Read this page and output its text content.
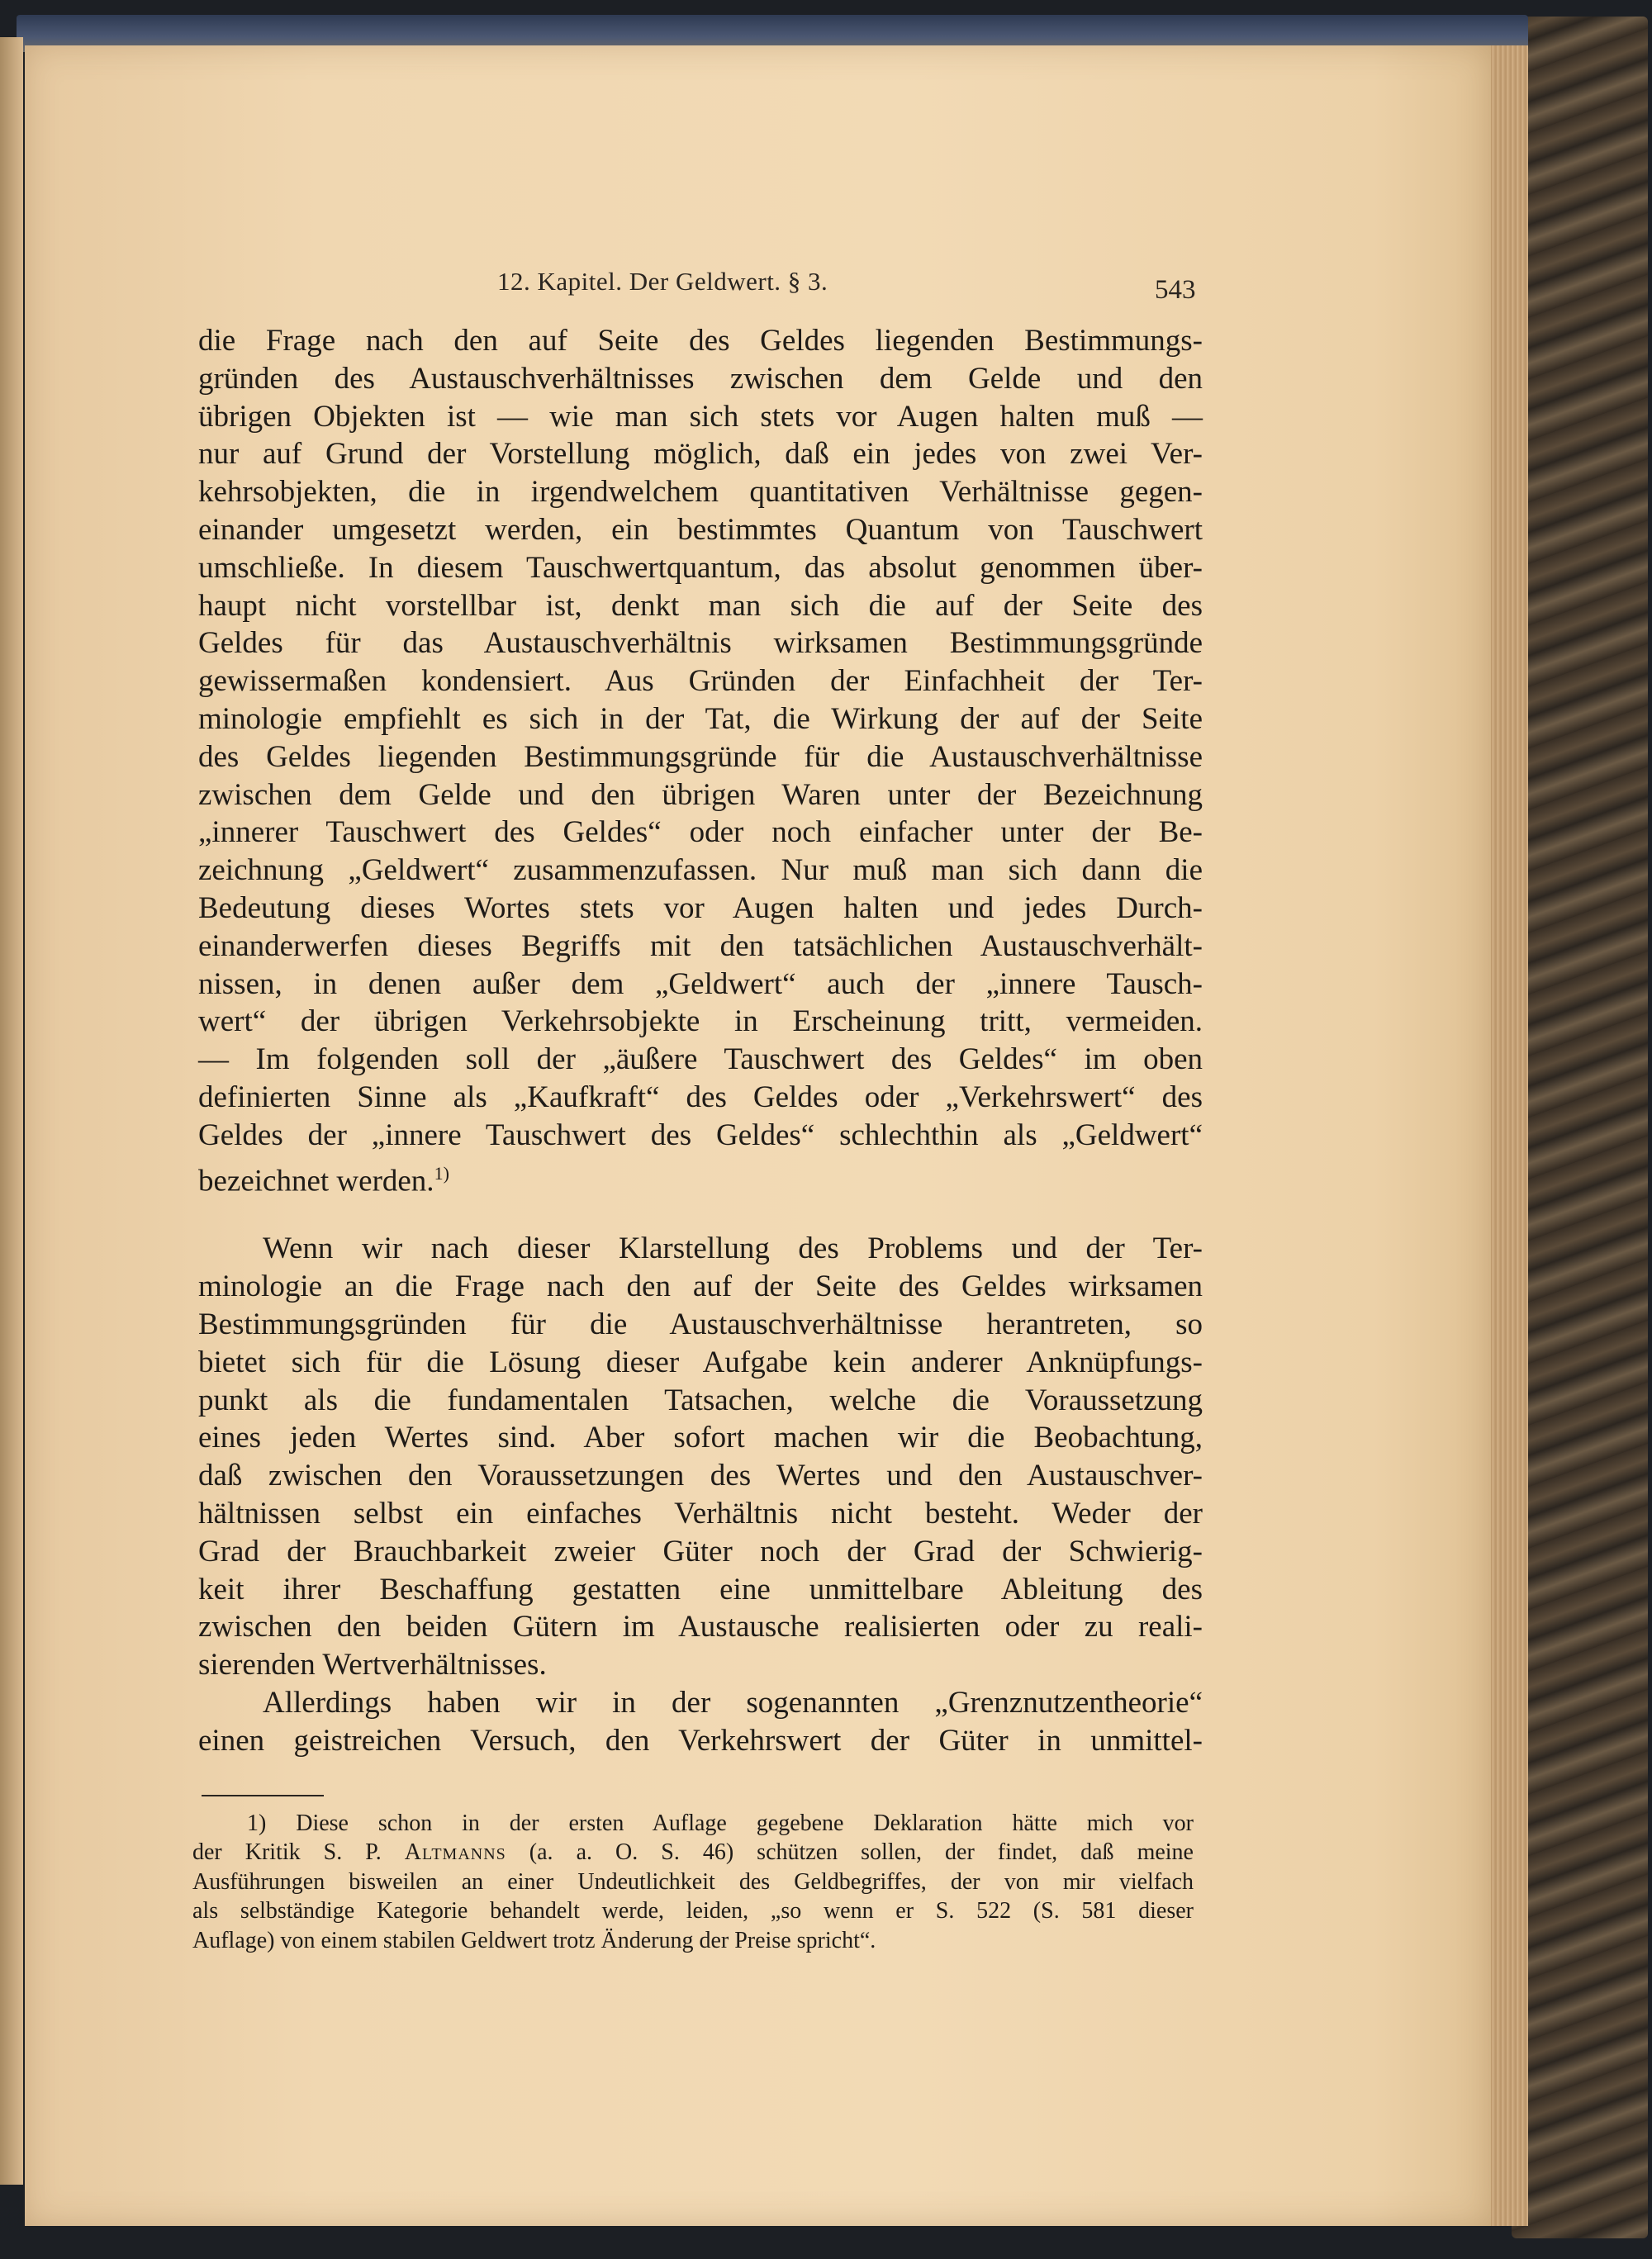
12. Kapitel. Der Geldwert. § 3.	543
die Frage nach den auf Seite des Geldes liegenden Bestimmungs-
gründen des Austauschverhältnisses zwischen dem Gelde und den
übrigen Objekten ist — wie man sich stets vor Augen halten muß —
nur auf Grund der Vorstellung möglich, daß ein jedes von zwei Ver-
kehrsobjekten, die in irgendwelchem quantitativen Verhältnisse gegen-
einander umgesetzt werden, ein bestimmtes Quantum von Tauschwert
umschließe. In diesem Tauschwertquantum, das absolut genommen über-
haupt nicht vorstellbar ist, denkt man sich die auf der Seite des
Geldes für das Austauschverhältnis wirksamen Bestimmungsgründe
gewissermaßen kondensiert. Aus Gründen der Einfachheit der Ter-
minologie empfiehlt es sich in der Tat, die Wirkung der auf der Seite
des Geldes liegenden Bestimmungsgründe für die Austauschverhältnisse
zwischen dem Gelde und den übrigen Waren unter der Bezeichnung
„innerer Tauschwert des Geldes“ oder noch einfacher unter der Be-
zeichnung „Geldwert“ zusammenzufassen. Nur muß man sich dann die
Bedeutung dieses Wortes stets vor Augen halten und jedes Durch-
einanderwerfen dieses Begriffs mit den tatsächlichen Austauschverhält-
nissen, in denen außer dem „Geldwert“ auch der „innere Tausch-
wert“ der übrigen Verkehrsobjekte in Erscheinung tritt, vermeiden.
— Im folgenden soll der „äußere Tauschwert des Geldes“ im oben
definierten Sinne als „Kaufkraft“ des Geldes oder „Verkehrswert“ des
Geldes der „innere Tauschwert des Geldes“ schlechthin als „Geldwert“
bezeichnet werden.$^{1)}$
Wenn wir nach dieser Klarstellung des Problems und der Ter-
minologie an die Frage nach den auf der Seite des Geldes wirksamen
Bestimmungsgründen für die Austauschverhältnisse herantreten, so
bietet sich für die Lösung dieser Aufgabe kein anderer Anknüpfungs-
punkt als die fundamentalen Tatsachen, welche die Voraussetzung
eines jeden Wertes sind. Aber sofort machen wir die Beobachtung,
daß zwischen den Voraussetzungen des Wertes und den Austauschver-
hältnissen selbst ein einfaches Verhältnis nicht besteht. Weder der
Grad der Brauchbarkeit zweier Güter noch der Grad der Schwierig-
keit ihrer Beschaffung gestatten eine unmittelbare Ableitung des
zwischen den beiden Gütern im Austausche realisierten oder zu reali-
sierenden Wertverhältnisses.
Allerdings haben wir in der sogenannten „Grenznutzentheorie“
einen geistreichen Versuch, den Verkehrswert der Güter in unmittel-
1) Diese schon in der ersten Auflage gegebene Deklaration hätte mich vor
der Kritik S. P. Altmanns (a. a. O. S. 46) schützen sollen, der findet, daß meine
Ausführungen bisweilen an einer Undeutlichkeit des Geldbegriffes, der von mir vielfach
als selbständige Kategorie behandelt werde, leiden, „so wenn er S. 522 (S. 581 dieser
Auflage) von einem stabilen Geldwert trotz Änderung der Preise spricht“.
